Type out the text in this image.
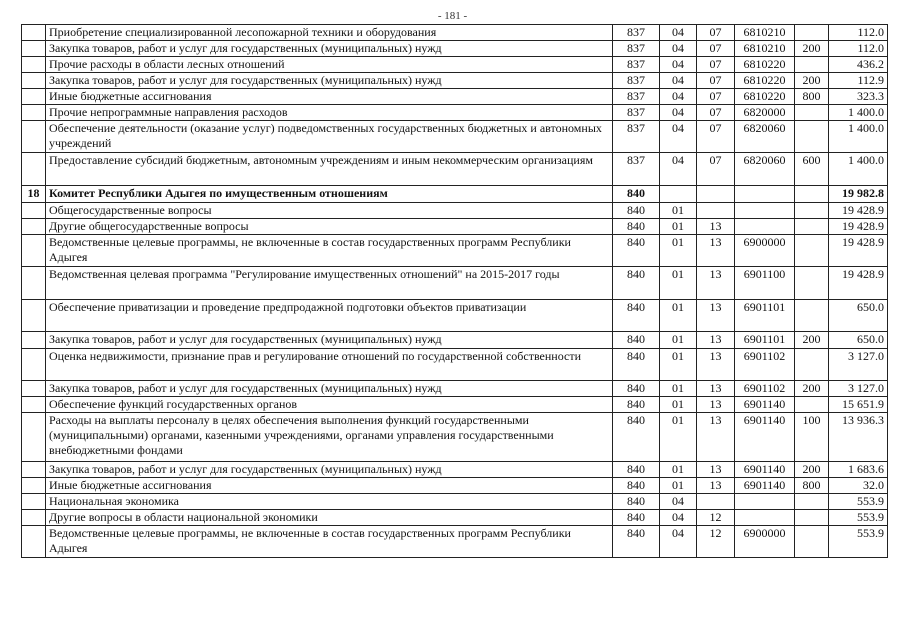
- 181 -
	Приобретение специализированной лесопожарной техники и оборудования	837	04	07	6810210		112.0
	Закупка товаров, работ и услуг для государственных (муниципальных) нужд	837	04	07	6810210	200	112.0
	Прочие расходы в области лесных отношений	837	04	07	6810220		436.2
	Закупка товаров, работ и услуг для государственных (муниципальных) нужд	837	04	07	6810220	200	112.9
	Иные бюджетные ассигнования	837	04	07	6810220	800	323.3
	Прочие непрограммные направления расходов	837	04	07	6820000		1 400.0
	Обеспечение деятельности (оказание услуг) подведомственных государственных бюджетных и автономных учреждений	837	04	07	6820060		1 400.0
	Предоставление субсидий бюджетным, автономным учреждениям и иным некоммерческим организациям	837	04	07	6820060	600	1 400.0
18	Комитет Республики Адыгея по имущественным отношениям	840					19 982.8
	Общегосударственные вопросы	840	01				19 428.9
	Другие общегосударственные вопросы	840	01	13			19 428.9
	Ведомственные целевые программы, не включенные в состав государственных программ Республики Адыгея	840	01	13	6900000		19 428.9
	Ведомственная целевая программа "Регулирование имущественных отношений" на 2015-2017 годы	840	01	13	6901100		19 428.9
	Обеспечение приватизации и проведение предпродажной подготовки объектов приватизации	840	01	13	6901101		650.0
	Закупка товаров, работ и услуг для государственных (муниципальных) нужд	840	01	13	6901101	200	650.0
	Оценка недвижимости, признание прав и регулирование отношений по государственной собственности	840	01	13	6901102		3 127.0
	Закупка товаров, работ и услуг для государственных (муниципальных) нужд	840	01	13	6901102	200	3 127.0
	Обеспечение функций государственных органов	840	01	13	6901140		15 651.9
	Расходы на выплаты персоналу в целях обеспечения выполнения функций государственными (муниципальными) органами, казенными учреждениями, органами управления государственными внебюджетными фондами	840	01	13	6901140	100	13 936.3
	Закупка товаров, работ и услуг для государственных (муниципальных) нужд	840	01	13	6901140	200	1 683.6
	Иные бюджетные ассигнования	840	01	13	6901140	800	32.0
	Национальная экономика	840	04				553.9
	Другие вопросы в области национальной экономики	840	04	12			553.9
	Ведомственные целевые программы, не включенные в состав государственных программ Республики Адыгея	840	04	12	6900000		553.9
